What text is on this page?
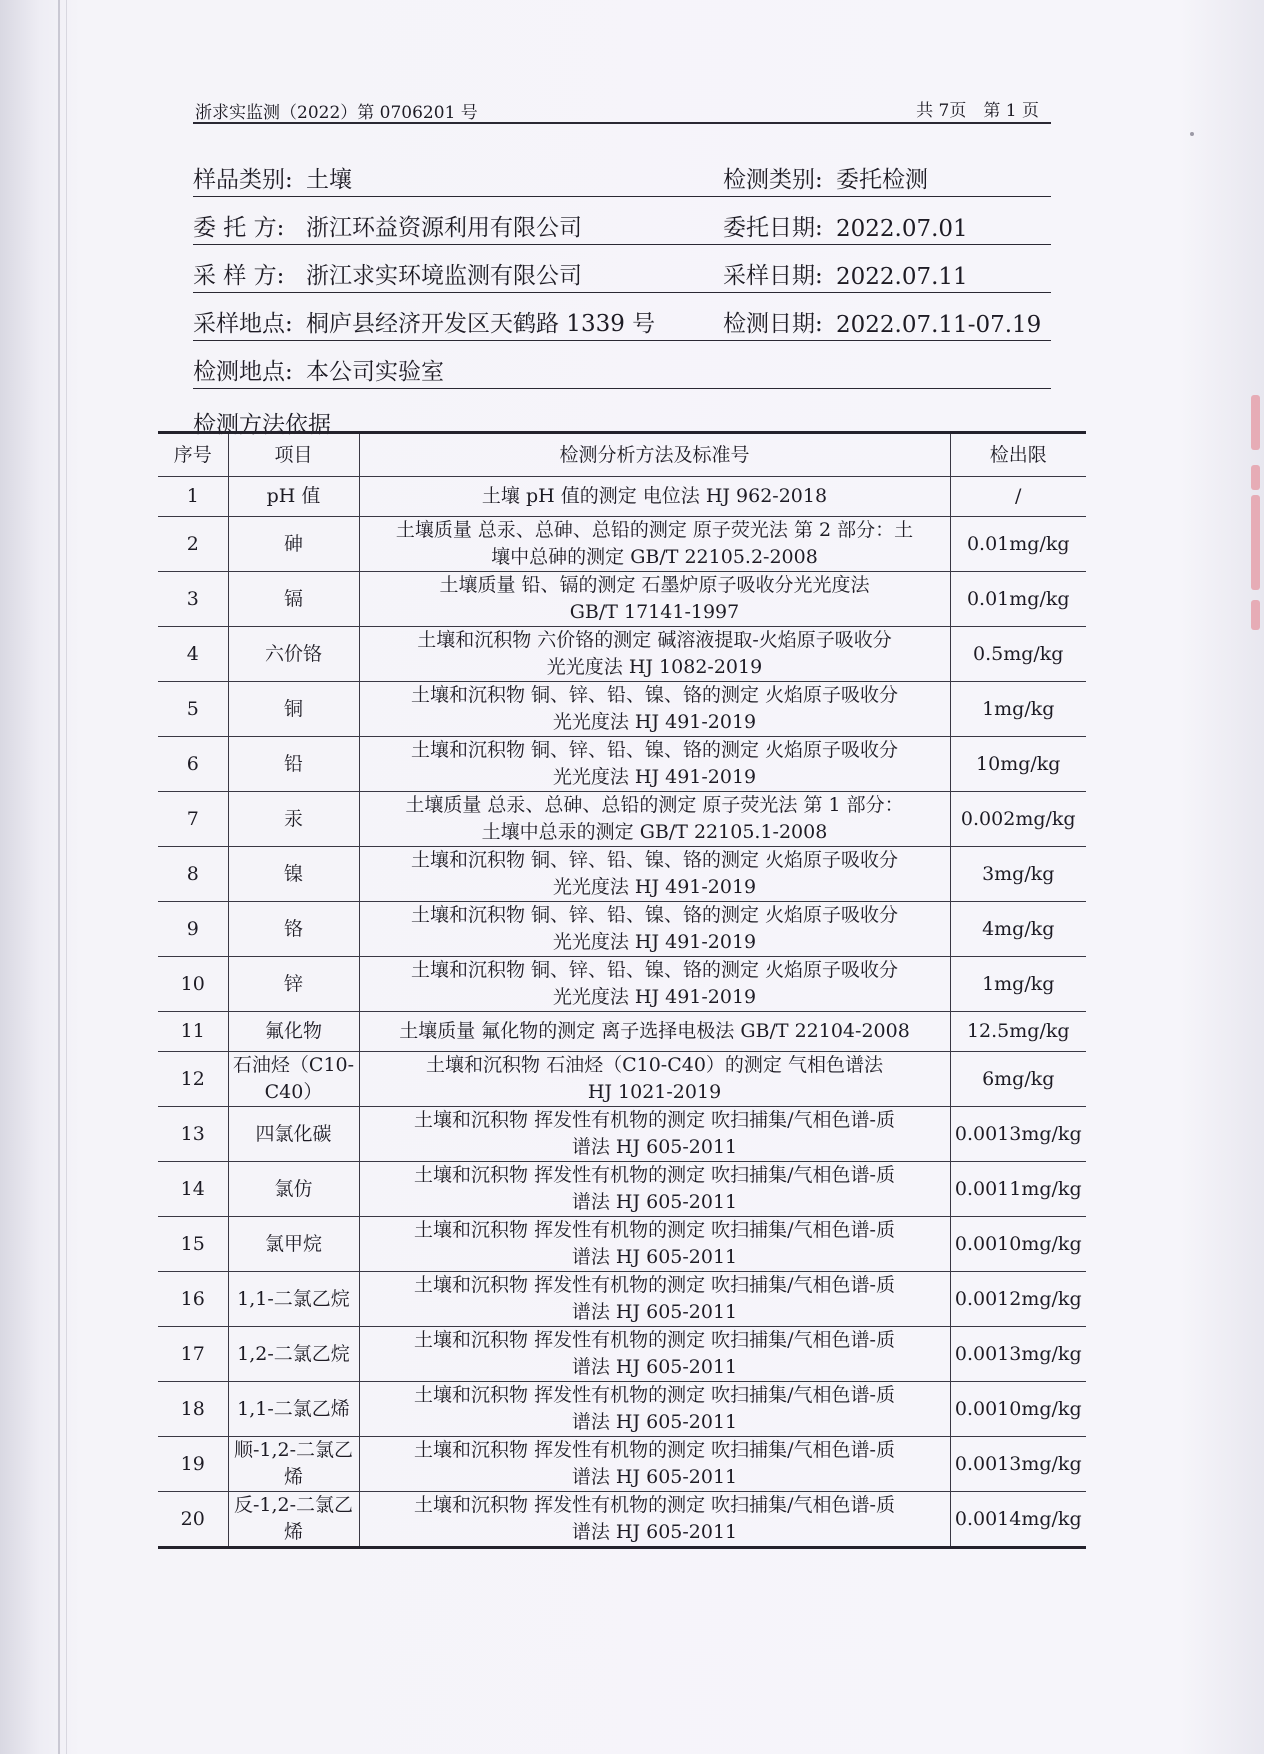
浙求实监测（2022）第 0706201 号	共 7页　第 1 页
样品类别: 土壤	检测类别: 委托检测
委 托 方: 浙江环益资源利用有限公司	委托日期: 2022.07.01
采 样 方: 浙江求实环境监测有限公司	采样日期: 2022.07.11
采样地点: 桐庐县经济开发区天鹤路 1339 号	检测日期: 2022.07.11-07.19
检测地点: 本公司实验室
检测方法依据
序号	项目	检测分析方法及标准号	检出限
1	pH 值	土壤 pH 值的测定 电位法 HJ 962-2018	/
2	砷	土壤质量 总汞、总砷、总铅的测定 原子荧光法 第 2 部分：土
壤中总砷的测定 GB/T 22105.2-2008	0.01mg/kg
3	镉	土壤质量 铅、镉的测定 石墨炉原子吸收分光光度法
GB/T 17141-1997	0.01mg/kg
4	六价铬	土壤和沉积物 六价铬的测定 碱溶液提取-火焰原子吸收分
光光度法 HJ 1082-2019	0.5mg/kg
5	铜	土壤和沉积物 铜、锌、铅、镍、铬的测定 火焰原子吸收分
光光度法 HJ 491-2019	1mg/kg
6	铅	土壤和沉积物 铜、锌、铅、镍、铬的测定 火焰原子吸收分
光光度法 HJ 491-2019	10mg/kg
7	汞	土壤质量 总汞、总砷、总铅的测定 原子荧光法 第 1 部分：
土壤中总汞的测定 GB/T 22105.1-2008	0.002mg/kg
8	镍	土壤和沉积物 铜、锌、铅、镍、铬的测定 火焰原子吸收分
光光度法 HJ 491-2019	3mg/kg
9	铬	土壤和沉积物 铜、锌、铅、镍、铬的测定 火焰原子吸收分
光光度法 HJ 491-2019	4mg/kg
10	锌	土壤和沉积物 铜、锌、铅、镍、铬的测定 火焰原子吸收分
光光度法 HJ 491-2019	1mg/kg
11	氟化物	土壤质量 氟化物的测定 离子选择电极法 GB/T 22104-2008	12.5mg/kg
12	石油烃（C10-C40）	土壤和沉积物 石油烃（C10-C40）的测定 气相色谱法
HJ 1021-2019	6mg/kg
13	四氯化碳	土壤和沉积物 挥发性有机物的测定 吹扫捕集/气相色谱-质
谱法 HJ 605-2011	0.0013mg/kg
14	氯仿	土壤和沉积物 挥发性有机物的测定 吹扫捕集/气相色谱-质
谱法 HJ 605-2011	0.0011mg/kg
15	氯甲烷	土壤和沉积物 挥发性有机物的测定 吹扫捕集/气相色谱-质
谱法 HJ 605-2011	0.0010mg/kg
16	1,1-二氯乙烷	土壤和沉积物 挥发性有机物的测定 吹扫捕集/气相色谱-质
谱法 HJ 605-2011	0.0012mg/kg
17	1,2-二氯乙烷	土壤和沉积物 挥发性有机物的测定 吹扫捕集/气相色谱-质
谱法 HJ 605-2011	0.0013mg/kg
18	1,1-二氯乙烯	土壤和沉积物 挥发性有机物的测定 吹扫捕集/气相色谱-质
谱法 HJ 605-2011	0.0010mg/kg
19	顺-1,2-二氯乙烯	土壤和沉积物 挥发性有机物的测定 吹扫捕集/气相色谱-质
谱法 HJ 605-2011	0.0013mg/kg
20	反-1,2-二氯乙烯	土壤和沉积物 挥发性有机物的测定 吹扫捕集/气相色谱-质
谱法 HJ 605-2011	0.0014mg/kg
